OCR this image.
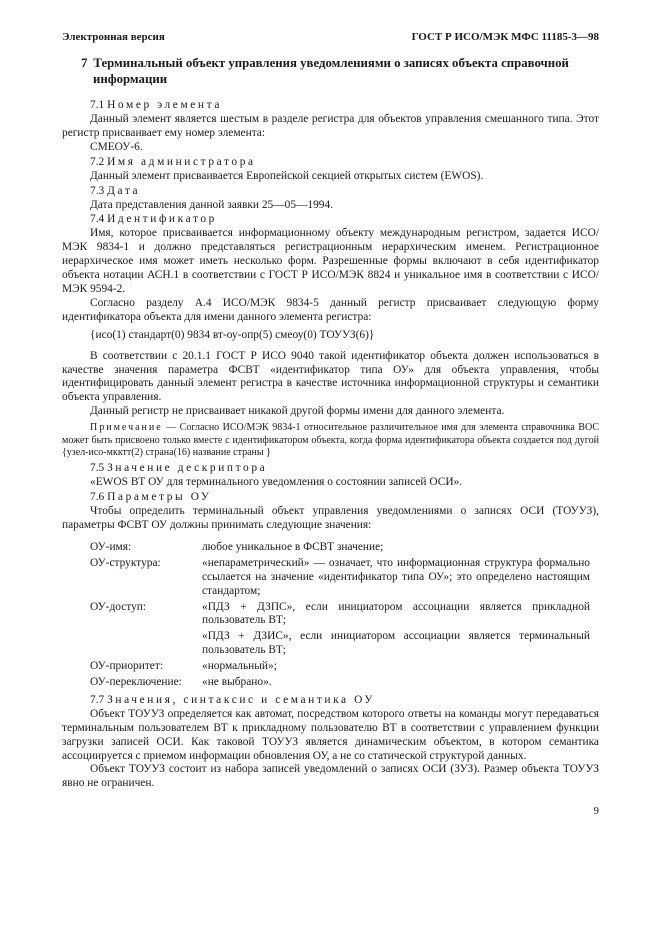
Электронная версия	ГОСТ Р ИСО/МЭК МФС 11185-3—98
7 Терминальный объект управления уведомлениями о записях объекта справочной информации
7.1 Номер элемента

Данный элемент является шестым в разделе регистра для объектов управления смешанного типа. Этот регистр присваивает ему номер элемента:

СМЕОУ-6.

7.2 Имя администратора

Данный элемент присваивается Европейской секцией открытых систем (EWOS).

7.3 Дата

Дата представления данной заявки 25—05—1994.

7.4 Идентификатор

Имя, которое присваивается информационному объекту международным регистром, задается ИСО/МЭК 9834-1 и должно представляться регистрационным иерархическим именем. Регистрационное иерархическое имя может иметь несколько форм. Разрешенные формы включают в себя идентификатор объекта нотации АСН.1 в соответствии с ГОСТ Р ИСО/МЭК 8824 и уникальное имя в соответствии с ИСО/МЭК 9594-2.

Согласно разделу А.4 ИСО/МЭК 9834-5 данный регистр присваивает следующую форму идентификатора объекта для имени данного элемента регистра:

{исо(1) стандарт(0) 9834 вт-оу-опр(5) смеоу(0) ТОУУЗ(6)}

В соответствии с 20.1.1 ГОСТ Р ИСО 9040 такой идентификатор объекта должен использоваться в качестве значения параметра ФСВТ «идентификатор типа ОУ» для объекта управления, чтобы идентифицировать данный элемент регистра в качестве источника информационной структуры и семантики объекта управления.

Данный регистр не присваивает никакой другой формы имени для данного элемента.

Примечание — Согласно ИСО/МЭК 9834-1 относительное различительное имя для элемента справочника ВОС может быть присвоено только вместе с идентификатором объекта, когда форма идентификатора объекта создается под дугой {узел-исо-мкктт(2) страна(16) название страны }

7.5 Значение дескриптора

«EWOS ВТ ОУ для терминального уведомления о состоянии записей ОСИ».

7.6 Параметры ОУ

Чтобы определить терминальный объект управления уведомлениями о записях ОСИ (ТОУУЗ), параметры ФСВТ ОУ должны принимать следующие значения:

ОУ-имя:	любое уникальное в ФСВТ значение;
ОУ-структура:	«непараметрический» — означает, что информационная структура формально ссылается на значение «идентификатор типа ОУ»; это определено настоящим стандартом;
ОУ-доступ:	«ПДЗ + ДЗПС», если инициатором ассоциации является прикладной пользователь ВТ;
	«ПДЗ + ДЗИС», если инициатором ассоциации является терминальный пользователь ВТ;
ОУ-приоритет:	«нормальный»;
ОУ-переключение:	«не выбрано».
7.7 Значения, синтаксис и семантика ОУ

Объект ТОУУЗ определяется как автомат, посредством которого ответы на команды могут передаваться терминальным пользователем ВТ к прикладному пользователю ВТ в соответствии с управлением функции загрузки записей ОСИ. Как таковой ТОУУЗ является динамическим объектом, в котором семантика ассоциируется с приемом информации обновления ОУ, а не со статической структурой данных.

Объект ТОУУЗ состоит из набора записей уведомлений о записях ОСИ (ЗУЗ). Размер объекта ТОУУЗ явно не ограничен.

9
